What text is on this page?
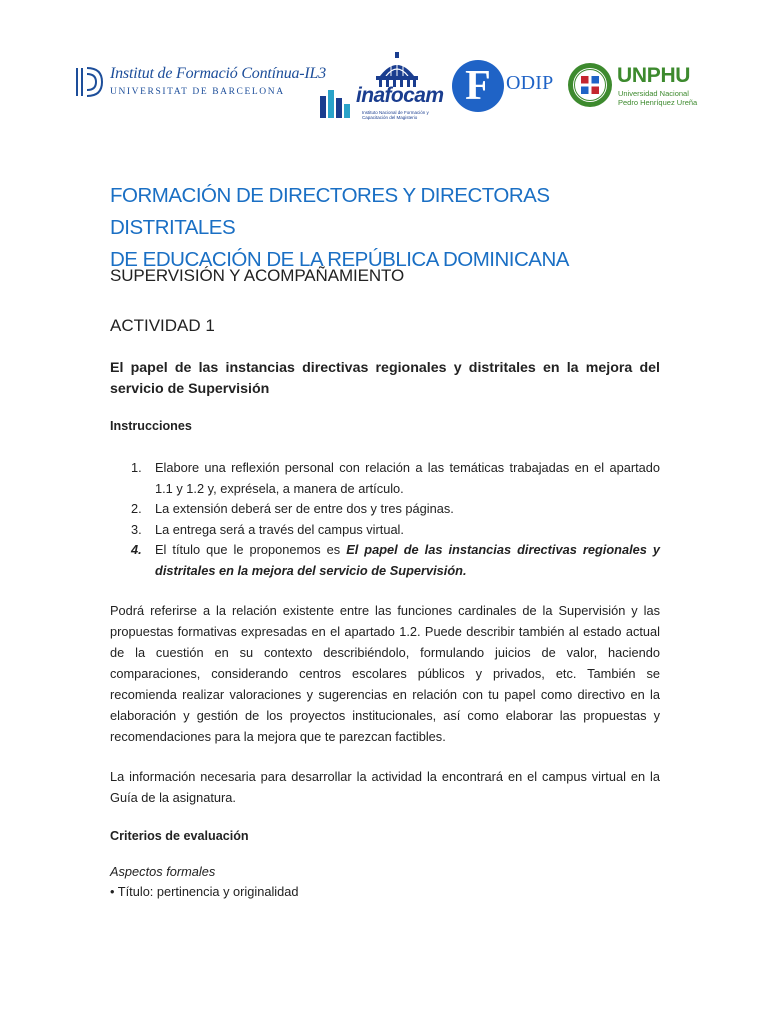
Institut de Formació Contínua-IL3
UNIVERSITAT DE BARCELONA	inafocam
Instituto Nacional de Formación y Capacitación del Magisterio
F ODIP	UNPHU
Universidad Nacional
Pedro Henríquez Ureña
FORMACIÓN DE DIRECTORES Y DIRECTORAS DISTRITALES
DE EDUCACIÓN DE LA REPÚBLICA DOMINICANA
SUPERVISIÓN Y ACOMPAÑAMIENTO
ACTIVIDAD 1

El papel de las instancias directivas regionales y distritales en la mejora del servicio de Supervisión

Instrucciones
1. Elabore una reflexión personal con relación a las temáticas trabajadas en el apartado 1.1 y 1.2 y, exprésela, a manera de artículo.
2. La extensión deberá ser de entre dos y tres páginas.
3. La entrega será a través del campus virtual.
4. El título que le proponemos es El papel de las instancias directivas regionales y distritales en la mejora del servicio de Supervisión.

Podrá referirse a la relación existente entre las funciones cardinales de la Supervisión y las propuestas formativas expresadas en el apartado 1.2. Puede describir también al estado actual de la cuestión en su contexto describiéndolo, formulando juicios de valor, haciendo comparaciones, considerando centros escolares públicos y privados, etc. También se recomienda realizar valoraciones y sugerencias en relación con tu papel como directivo en la elaboración y gestión de los proyectos institucionales, así como elaborar las propuestas y recomendaciones para la mejora que te parezcan factibles.

La información necesaria para desarrollar la actividad la encontrará en el campus virtual en la Guía de la asignatura.

Criterios de evaluación
Aspectos formales
• Título: pertinencia y originalidad
